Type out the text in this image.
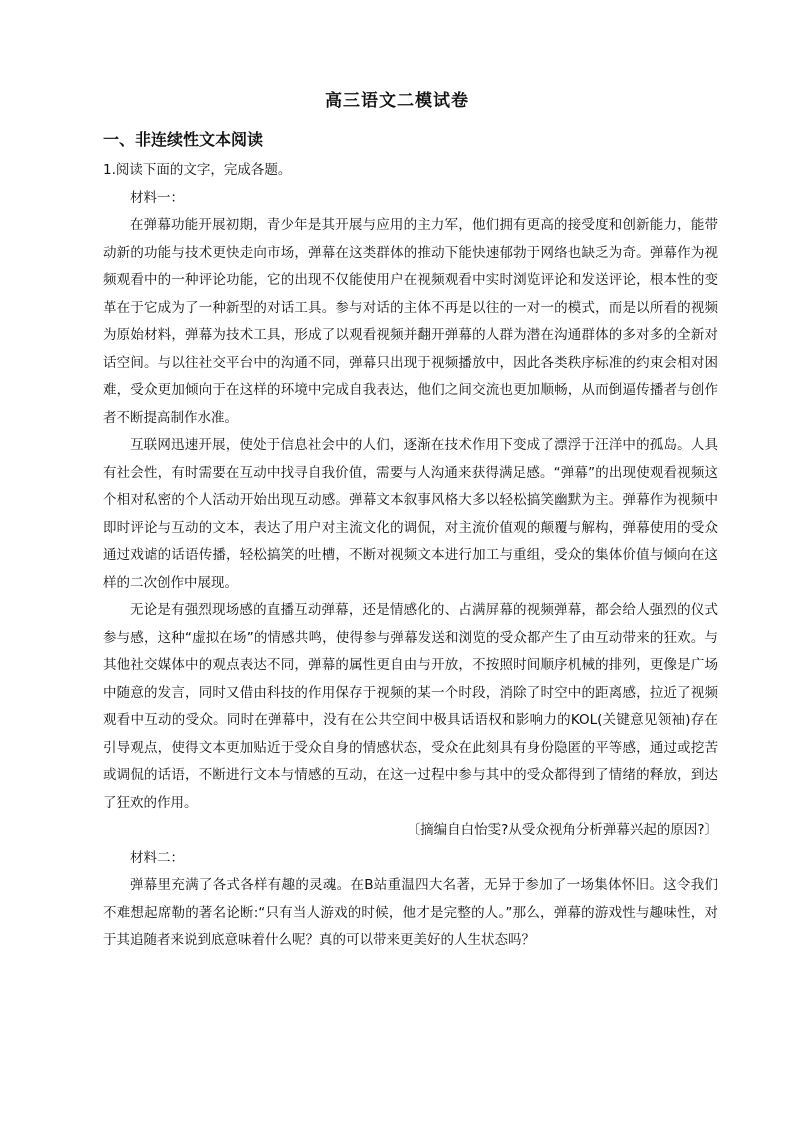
高三语文二模试卷
一、非连续性文本阅读

1.阅读下面的文字，完成各题。

材料一：

在弹幕功能开展初期，青少年是其开展与应用的主力军，他们拥有更高的接受度和创新能力，能带动新的功能与技术更快走向市场，弹幕在这类群体的推动下能快速郁勃于网络也缺乏为奇。弹幕作为视频观看中的一种评论功能，它的出现不仅能使用户在视频观看中实时浏览评论和发送评论，根本性的变革在于它成为了一种新型的对话工具。参与对话的主体不再是以往的一对一的模式，而是以所看的视频为原始材料，弹幕为技术工具，形成了以观看视频并翻开弹幕的人群为潜在沟通群体的多对多的全新对话空间。与以往社交平台中的沟通不同，弹幕只出现于视频播放中，因此各类秩序标准的约束会相对困难，受众更加倾向于在这样的环境中完成自我表达，他们之间交流也更加顺畅，从而倒逼传播者与创作者不断提高制作水准。

互联网迅速开展，使处于信息社会中的人们，逐渐在技术作用下变成了漂浮于汪洋中的孤岛。人具有社会性，有时需要在互动中找寻自我价值，需要与人沟通来获得满足感。“弹幕”的出现使观看视频这个相对私密的个人活动开始出现互动感。弹幕文本叙事风格大多以轻松搞笑幽默为主。弹幕作为视频中即时评论与互动的文本，表达了用户对主流文化的调侃，对主流价值观的颠覆与解构，弹幕使用的受众通过戏谑的话语传播，轻松搞笑的吐槽，不断对视频文本进行加工与重组，受众的集体价值与倾向在这样的二次创作中展现。

无论是有强烈现场感的直播互动弹幕，还是情感化的、占满屏幕的视频弹幕，都会给人强烈的仪式参与感，这种“虚拟在场”的情感共鸣，使得参与弹幕发送和浏览的受众都产生了由互动带来的狂欢。与其他社交媒体中的观点表达不同，弹幕的属性更自由与开放，不按照时间顺序机械的排列，更像是广场中随意的发言，同时又借由科技的作用保存于视频的某一个时段，消除了时空中的距离感，拉近了视频观看中互动的受众。同时在弹幕中，没有在公共空间中极具话语权和影响力的KOL(关键意见领袖)存在引导观点，使得文本更加贴近于受众自身的情感状态，受众在此刻具有身份隐匿的平等感，通过或挖苦或调侃的话语，不断进行文本与情感的互动，在这一过程中参与其中的受众都得到了情绪的释放，到达了狂欢的作用。

〔摘编自白怡雯?从受众视角分析弹幕兴起的原因?〕

材料二：

弹幕里充满了各式各样有趣的灵魂。在B站重温四大名著，无异于参加了一场集体怀旧。这令我们不难想起席勒的著名论断:“只有当人游戏的时候，他才是完整的人。”那么，弹幕的游戏性与趣味性，对于其追随者来说到底意味着什么呢？真的可以带来更美好的人生状态吗？
